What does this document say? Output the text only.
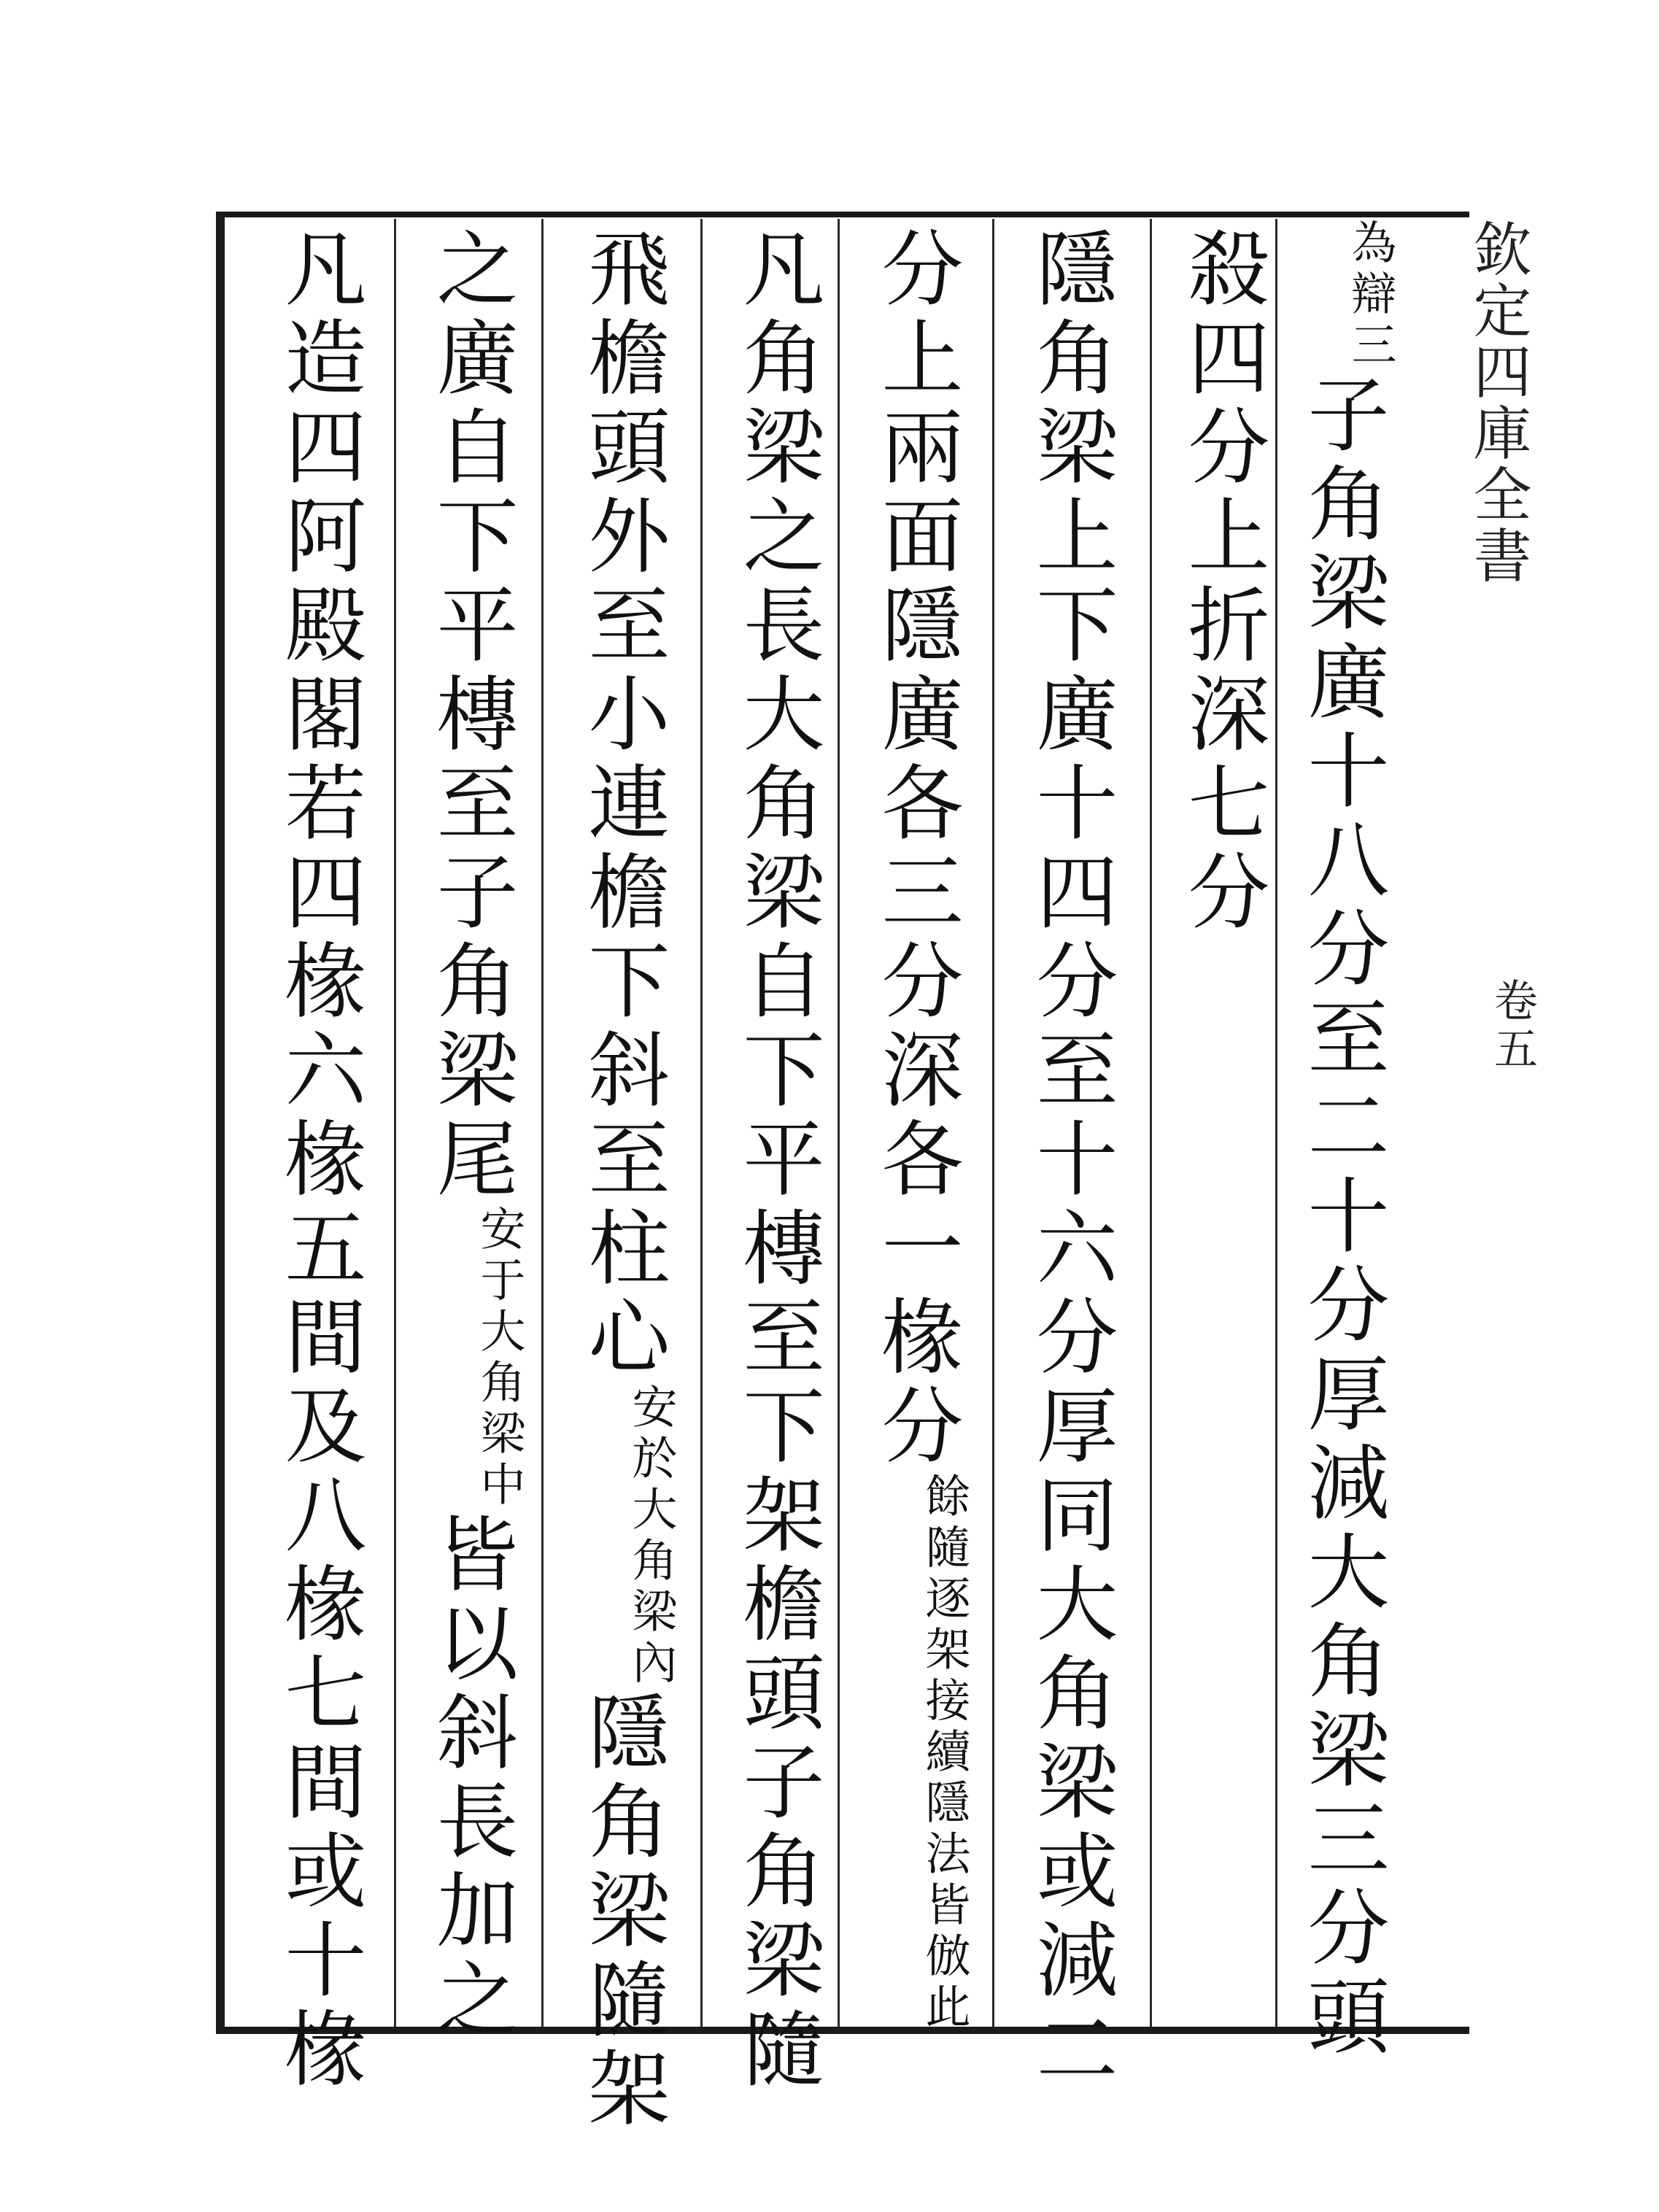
欽定四庫全書
卷五
為辯三子角梁廣十八分至二十分厚減大角梁三分頭
殺四分上折深七分
隱角梁上下廣十四分至十六分厚同大角梁或減二
分上兩面隱廣各三分深各一椽分餘隨逐架接續隱法皆倣此
凡角梁之長大角梁自下平槫至下架檐頭子角梁隨
飛檐頭外至小連檐下斜至柱心安於大角梁內隱角梁隨架
之廣自下平槫至子角梁尾安于大角梁中皆以斜長加之
凡造四阿殿閣若四椽六椽五間及八椽七間或十椽
